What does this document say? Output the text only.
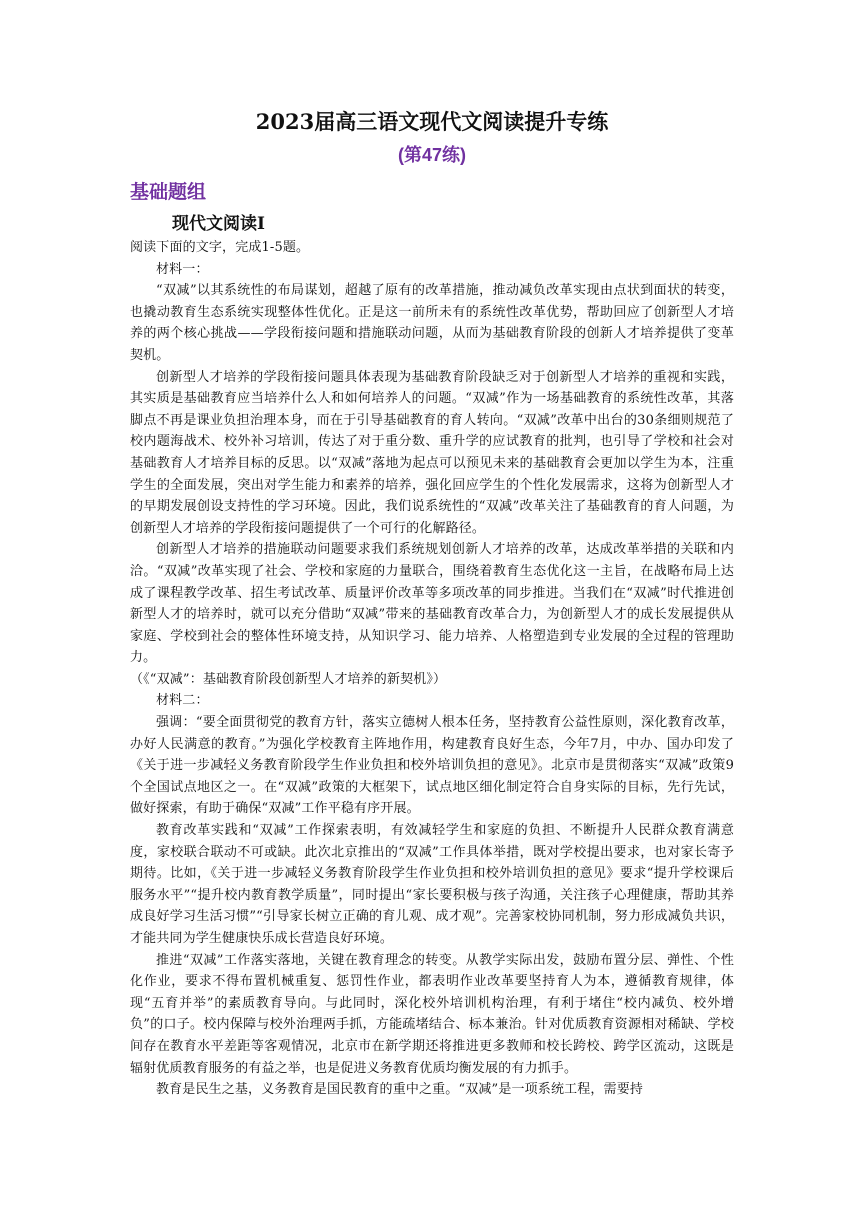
2023届高三语文现代文阅读提升专练
(第47练)
基础题组
现代文阅读Ⅰ

阅读下面的文字，完成1-5题。

材料一：

“双减”以其系统性的布局谋划，超越了原有的改革措施，推动减负改革实现由点状到面状的转变，也撬动教育生态系统实现整体性优化。正是这一前所未有的系统性改革优势，帮助回应了创新型人才培养的两个核心挑战——学段衔接问题和措施联动问题，从而为基础教育阶段的创新人才培养提供了变革契机。

创新型人才培养的学段衔接问题具体表现为基础教育阶段缺乏对于创新型人才培养的重视和实践，其实质是基础教育应当培养什么人和如何培养人的问题。“双减”作为一场基础教育的系统性改革，其落脚点不再是课业负担治理本身，而在于引导基础教育的育人转向。“双减”改革中出台的30条细则规范了校内题海战术、校外补习培训，传达了对于重分数、重升学的应试教育的批判，也引导了学校和社会对基础教育人才培养目标的反思。以“双减”落地为起点可以预见未来的基础教育会更加以学生为本，注重学生的全面发展，突出对学生能力和素养的培养，强化回应学生的个性化发展需求，这将为创新型人才的早期发展创设支持性的学习环境。因此，我们说系统性的“双减”改革关注了基础教育的育人问题，为创新型人才培养的学段衔接问题提供了一个可行的化解路径。

创新型人才培养的措施联动问题要求我们系统规划创新人才培养的改革，达成改革举措的关联和内洽。“双减”改革实现了社会、学校和家庭的力量联合，围绕着教育生态优化这一主旨，在战略布局上达成了课程教学改革、招生考试改革、质量评价改革等多项改革的同步推进。当我们在“双减”时代推进创新型人才的培养时，就可以充分借助“双减”带来的基础教育改革合力，为创新型人才的成长发展提供从家庭、学校到社会的整体性环境支持，从知识学习、能力培养、人格塑造到专业发展的全过程的管理助力。

（《“双减”：基础教育阶段创新型人才培养的新契机》）

材料二：

强调：“要全面贯彻党的教育方针，落实立德树人根本任务，坚持教育公益性原则，深化教育改革，办好人民满意的教育。”为强化学校教育主阵地作用，构建教育良好生态，今年7月，中办、国办印发了《关于进一步减轻义务教育阶段学生作业负担和校外培训负担的意见》。北京市是贯彻落实“双减”政策9个全国试点地区之一。在“双减”政策的大框架下，试点地区细化制定符合自身实际的目标，先行先试，做好探索，有助于确保“双减”工作平稳有序开展。

教育改革实践和“双减”工作探索表明，有效减轻学生和家庭的负担、不断提升人民群众教育满意度，家校联合联动不可或缺。此次北京推出的“双减”工作具体举措，既对学校提出要求，也对家长寄予期待。比如，《关于进一步减轻义务教育阶段学生作业负担和校外培训负担的意见》要求“提升学校课后服务水平”“提升校内教育教学质量”，同时提出“家长要积极与孩子沟通，关注孩子心理健康，帮助其养成良好学习生活习惯”“引导家长树立正确的育儿观、成才观”。完善家校协同机制，努力形成减负共识，才能共同为学生健康快乐成长营造良好环境。

推进“双减”工作落实落地，关键在教育理念的转变。从教学实际出发，鼓励布置分层、弹性、个性化作业，要求不得布置机械重复、惩罚性作业，都表明作业改革要坚持育人为本，遵循教育规律，体现“五育并举”的素质教育导向。与此同时，深化校外培训机构治理，有利于堵住“校内减负、校外增负”的口子。校内保障与校外治理两手抓，方能疏堵结合、标本兼治。针对优质教育资源相对稀缺、学校间存在教育水平差距等客观情况，北京市在新学期还将推进更多教师和校长跨校、跨学区流动，这既是辐射优质教育服务的有益之举，也是促进义务教育优质均衡发展的有力抓手。

教育是民生之基，义务教育是国民教育的重中之重。“双减”是一项系统工程，需要持
